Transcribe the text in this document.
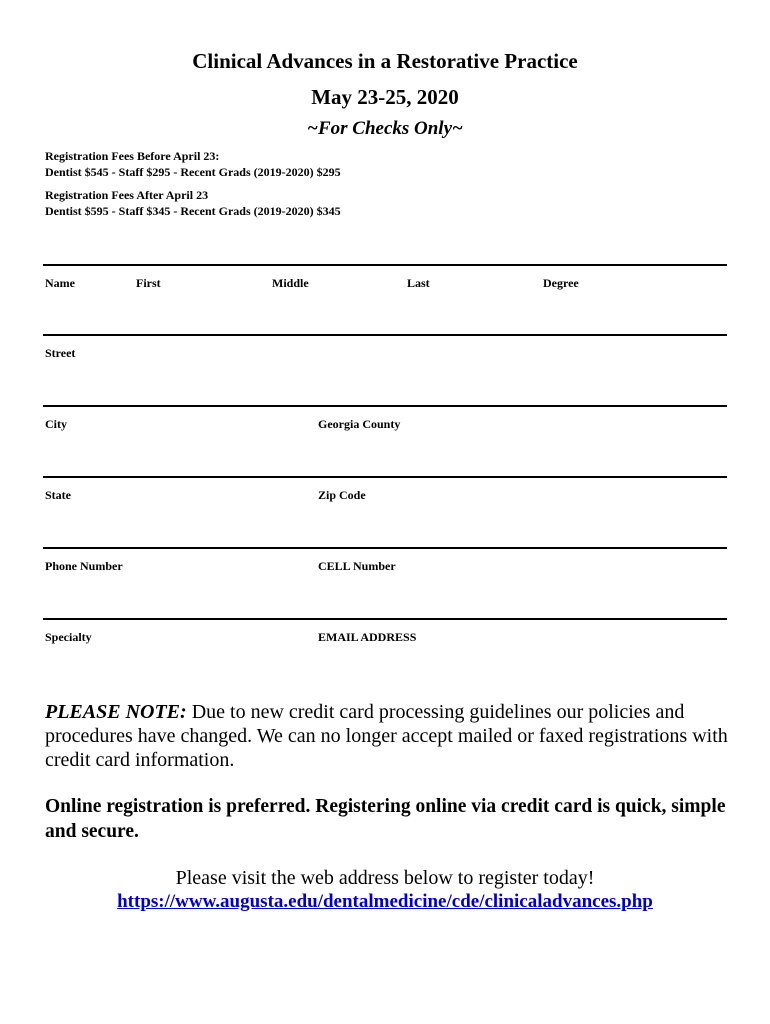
Clinical Advances in a Restorative Practice
May 23-25, 2020
~For Checks Only~
Registration Fees Before April 23:
Dentist $545 - Staff $295 - Recent Grads (2019-2020) $295
Registration Fees After April 23
Dentist $595 - Staff $345 - Recent Grads (2019-2020) $345
Name	First	Middle	Last	Degree
Street
City	Georgia County
State	Zip Code
Phone Number	CELL Number
Specialty	EMAIL ADDRESS
PLEASE NOTE: Due to new credit card processing guidelines our policies and procedures have changed. We can no longer accept mailed or faxed registrations with credit card information.
Online registration is preferred. Registering online via credit card is quick, simple and secure.
Please visit the web address below to register today!
https://www.augusta.edu/dentalmedicine/cde/clinicaladvances.php
